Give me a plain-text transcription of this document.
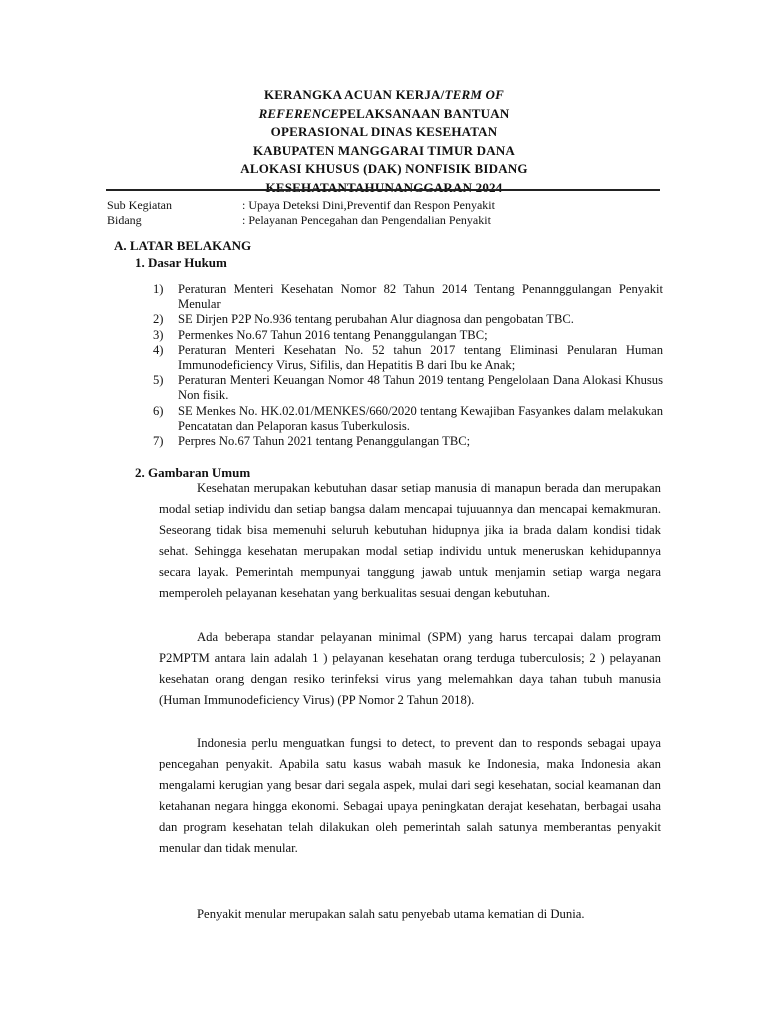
KERANGKA ACUAN KERJA/TERM OF
REFERENCEPELAKSANAAN BANTUAN
OPERASIONAL DINAS KESEHATAN
KABUPATEN MANGGARAI TIMUR DANA
ALOKASI KHUSUS (DAK) NONFISIK BIDANG
KESEHATANTAHUNANGGARAN 2024
Sub Kegiatan	: Upaya Deteksi Dini,Preventif dan Respon Penyakit
Bidang	: Pelayanan Pencegahan dan Pengendalian Penyakit
A. LATAR BELAKANG
1. Dasar Hukum
1)	Peraturan Menteri Kesehatan Nomor 82 Tahun 2014 Tentang Penannggulangan Penyakit Menular
2)	SE Dirjen P2P No.936 tentang perubahan Alur diagnosa dan pengobatan TBC.
3)	Permenkes No.67 Tahun 2016 tentang Penanggulangan TBC;
4)	Peraturan Menteri Kesehatan No. 52 tahun 2017 tentang Eliminasi Penularan Human Immunodeficiency Virus, Sifilis, dan Hepatitis B dari Ibu ke Anak;
5)	Peraturan Menteri Keuangan Nomor 48 Tahun 2019 tentang Pengelolaan Dana Alokasi Khusus Non fisik.
6)	SE Menkes No. HK.02.01/MENKES/660/2020 tentang Kewajiban Fasyankes dalam melakukan Pencatatan dan Pelaporan kasus Tuberkulosis.
7)	Perpres No.67 Tahun 2021 tentang Penanggulangan TBC;
2. Gambaran Umum

Kesehatan merupakan kebutuhan dasar setiap manusia di manapun berada dan merupakan modal setiap individu dan setiap bangsa dalam mencapai tujuuannya dan mencapai kemakmuran. Seseorang tidak bisa memenuhi seluruh kebutuhan hidupnya jika ia brada dalam kondisi tidak sehat. Sehingga kesehatan merupakan modal setiap individu untuk meneruskan kehidupannya secara layak. Pemerintah mempunyai tanggung jawab untuk menjamin setiap warga negara memperoleh pelayanan kesehatan yang berkualitas sesuai dengan kebutuhan.

Ada beberapa standar pelayanan minimal (SPM) yang harus tercapai dalam program P2MPTM antara lain adalah 1 ) pelayanan kesehatan orang terduga tuberculosis; 2 ) pelayanan kesehatan orang dengan resiko terinfeksi virus yang melemahkan daya tahan tubuh manusia (Human Immunodeficiency Virus) (PP Nomor 2 Tahun 2018).

Indonesia perlu menguatkan fungsi to detect, to prevent dan to responds sebagai upaya pencegahan penyakit. Apabila satu kasus wabah masuk ke Indonesia, maka Indonesia akan mengalami kerugian yang besar dari segala aspek, mulai dari segi kesehatan, social keamanan dan ketahanan negara hingga ekonomi. Sebagai upaya peningkatan derajat kesehatan, berbagai usaha dan program kesehatan telah dilakukan oleh pemerintah salah satunya memberantas penyakit menular dan tidak menular.

Penyakit menular merupakan salah satu penyebab utama kematian di Dunia.
